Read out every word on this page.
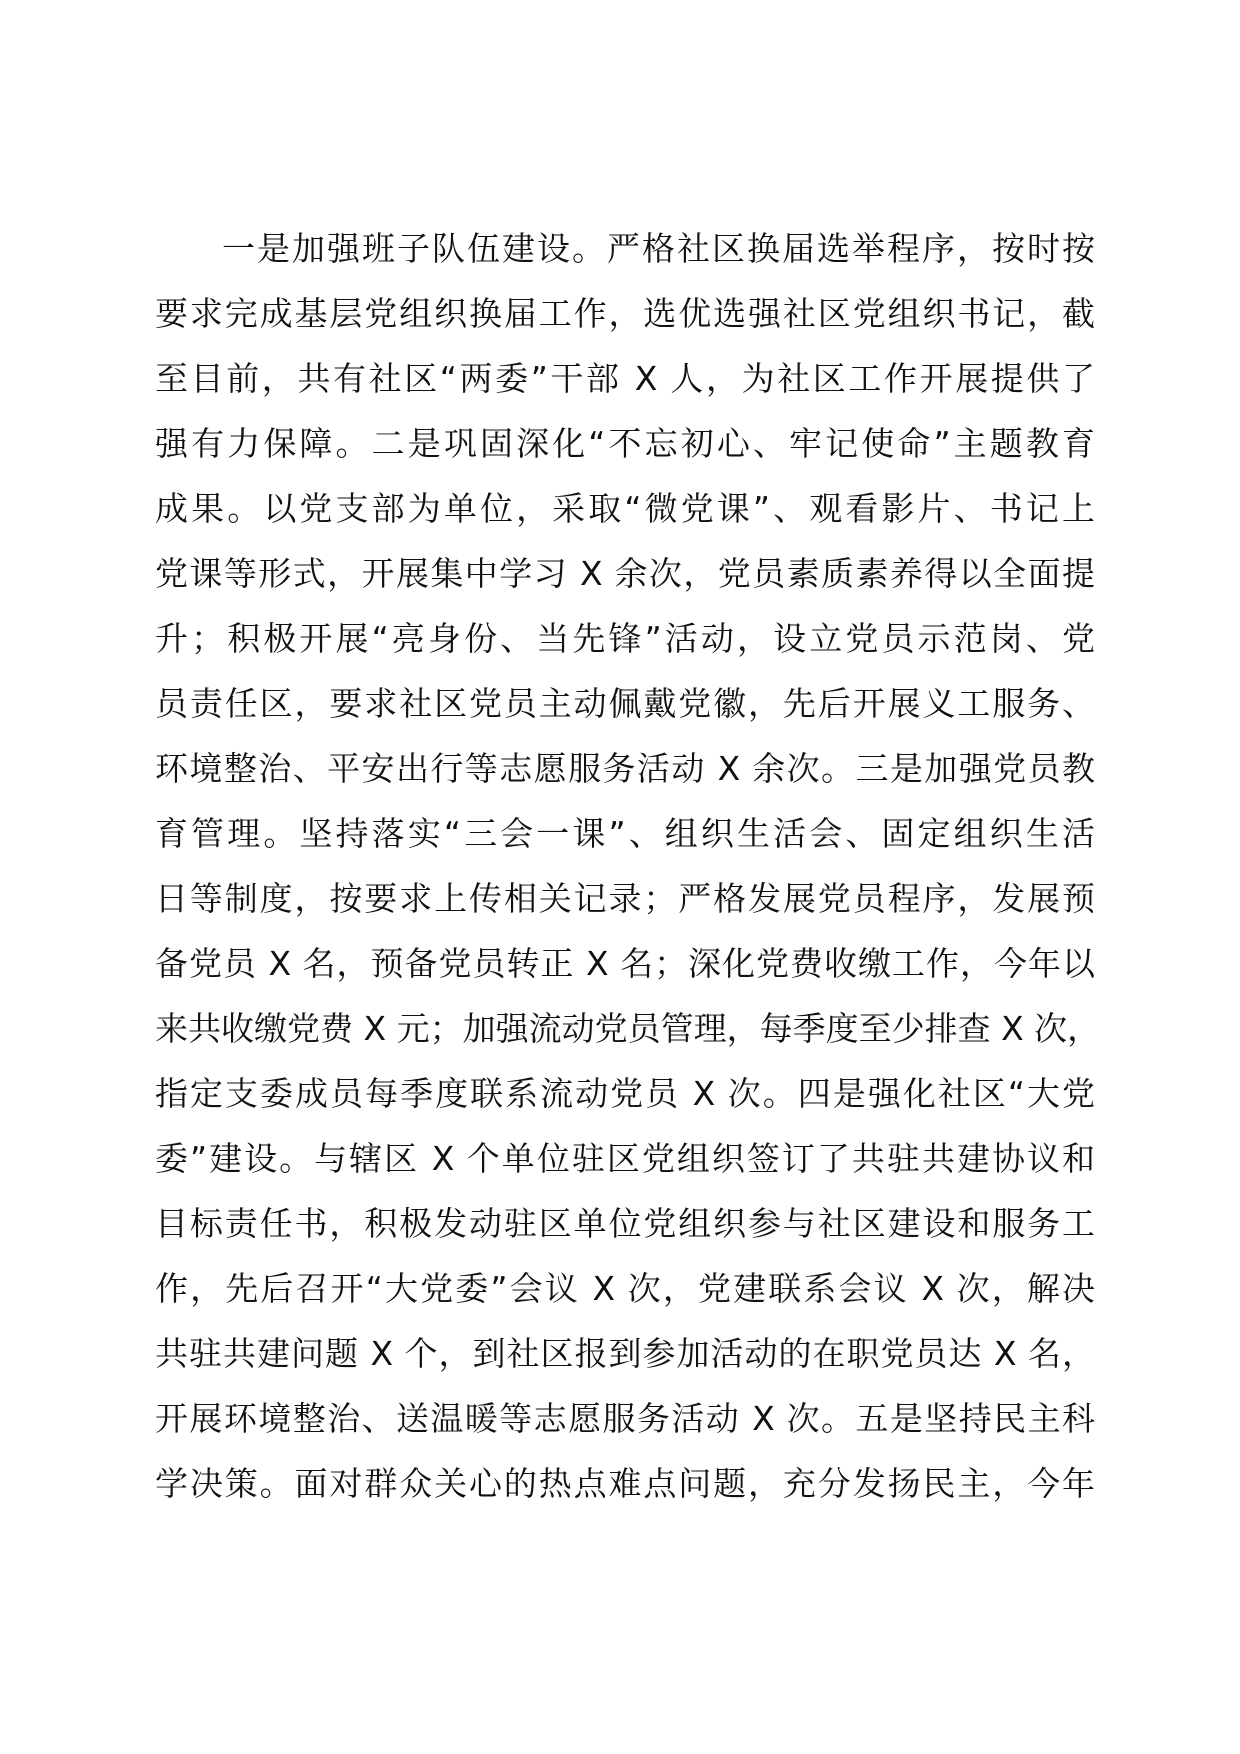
一是加强班子队伍建设。严格社区换届选举程序，按时按
要求完成基层党组织换届工作，选优选强社区党组织书记，截
至目前，共有社区“两委”干部 X 人，为社区工作开展提供了
强有力保障。二是巩固深化“不忘初心、牢记使命”主题教育
成果。以党支部为单位，采取“微党课”、观看影片、书记上
党课等形式，开展集中学习 X 余次，党员素质素养得以全面提
升；积极开展“亮身份、当先锋”活动，设立党员示范岗、党
员责任区，要求社区党员主动佩戴党徽，先后开展义工服务、
环境整治、平安出行等志愿服务活动 X 余次。三是加强党员教
育管理。坚持落实“三会一课”、组织生活会、固定组织生活
日等制度，按要求上传相关记录；严格发展党员程序，发展预
备党员 X 名，预备党员转正 X 名；深化党费收缴工作，今年以
来共收缴党费 X 元；加强流动党员管理，每季度至少排查 X 次，
指定支委成员每季度联系流动党员 X 次。四是强化社区“大党
委”建设。与辖区 X 个单位驻区党组织签订了共驻共建协议和
目标责任书，积极发动驻区单位党组织参与社区建设和服务工
作，先后召开“大党委”会议 X 次，党建联系会议 X 次，解决
共驻共建问题 X 个，到社区报到参加活动的在职党员达 X 名，
开展环境整治、送温暖等志愿服务活动 X 次。五是坚持民主科
学决策。面对群众关心的热点难点问题，充分发扬民主，今年
